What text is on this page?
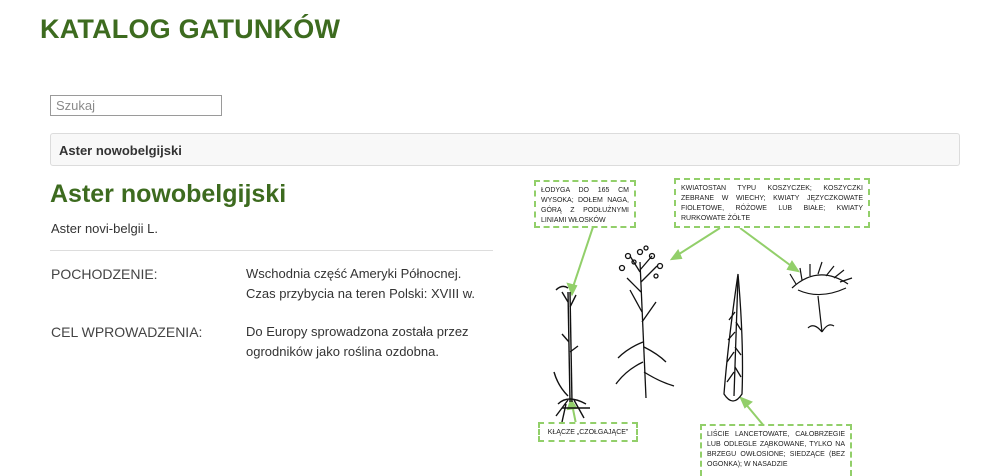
KATALOG GATUNKÓW
Szukaj
Aster nowobelgijski
Aster nowobelgijski
Aster novi-belgii L.
POCHODZENIE:	Wschodnia część Ameryki Północnej.
Czas przybycia na teren Polski: XVIII w.
CEL WPROWADZENIA:	Do Europy sprowadzona została przez
ogrodników jako roślina ozdobna.
ŁODYGA DO 165 CM WYSOKA; DOŁEM NAGA, GÓRĄ Z PODŁUŻNYMI LINIAMI WŁOSKÓW
KWIATOSTAN TYPU KOSZYCZEK; KOSZYCZKI ZEBRANE W WIECHY; KWIATY JĘZYCZKOWATE FIOLETOWE, RÓŻOWE LUB BIAŁE; KWIATY RURKOWATE ŻÓŁTE
KŁĄCZE „CZOŁGAJĄCE”	LIŚCIE LANCETOWATE, CAŁOBRZEGIE LUB ODLEGLE ZĄBKOWANE, TYLKO NA BRZEGU OWŁOSIONE; SIEDZĄCE (BEZ OGONKA); W NASADZIE
